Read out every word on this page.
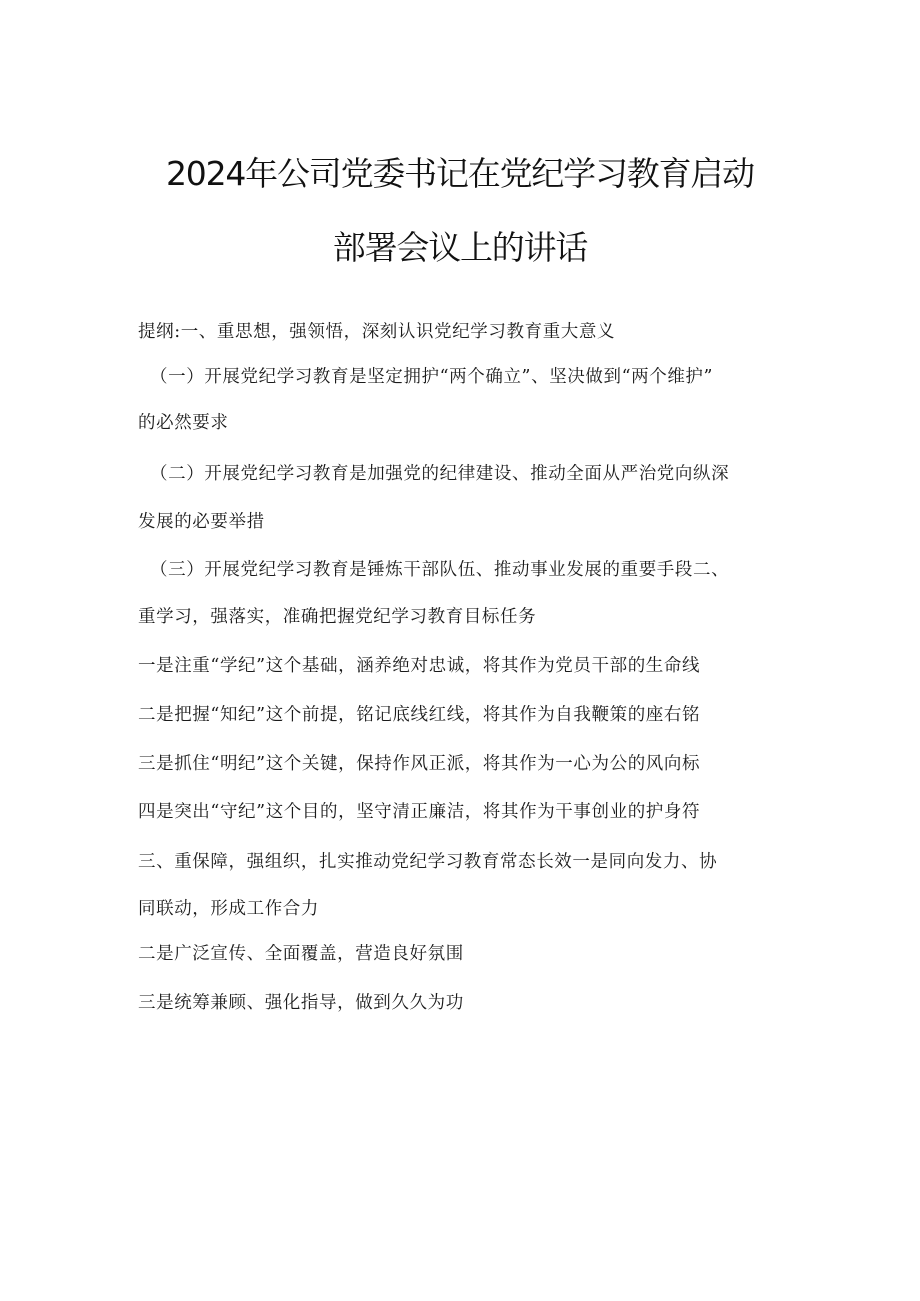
2024年公司党委书记在党纪学习教育启动
部署会议上的讲话
提纲:一、重思想，强领悟，深刻认识党纪学习教育重大意义
（一）开展党纪学习教育是坚定拥护“两个确立”、坚决做到“两个维护”
的必然要求
（二）开展党纪学习教育是加强党的纪律建设、推动全面从严治党向纵深
发展的必要举措
（三）开展党纪学习教育是锤炼干部队伍、推动事业发展的重要手段二、
重学习，强落实，准确把握党纪学习教育目标任务
一是注重“学纪”这个基础，涵养绝对忠诚，将其作为党员干部的生命线
二是把握“知纪”这个前提，铭记底线红线，将其作为自我鞭策的座右铭
三是抓住“明纪”这个关键，保持作风正派，将其作为一心为公的风向标
四是突出“守纪”这个目的，坚守清正廉洁，将其作为干事创业的护身符
三、重保障，强组织，扎实推动党纪学习教育常态长效一是同向发力、协
同联动，形成工作合力
二是广泛宣传、全面覆盖，营造良好氛围
三是统筹兼顾、强化指导，做到久久为功
